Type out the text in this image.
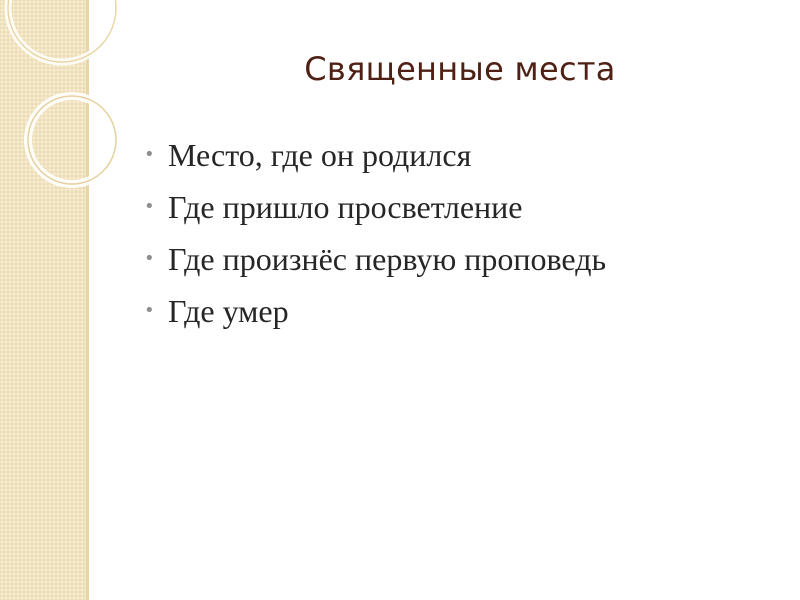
Священные места
• Место, где он родился
• Где пришло просветление
• Где произнёс первую проповедь
• Где умер
